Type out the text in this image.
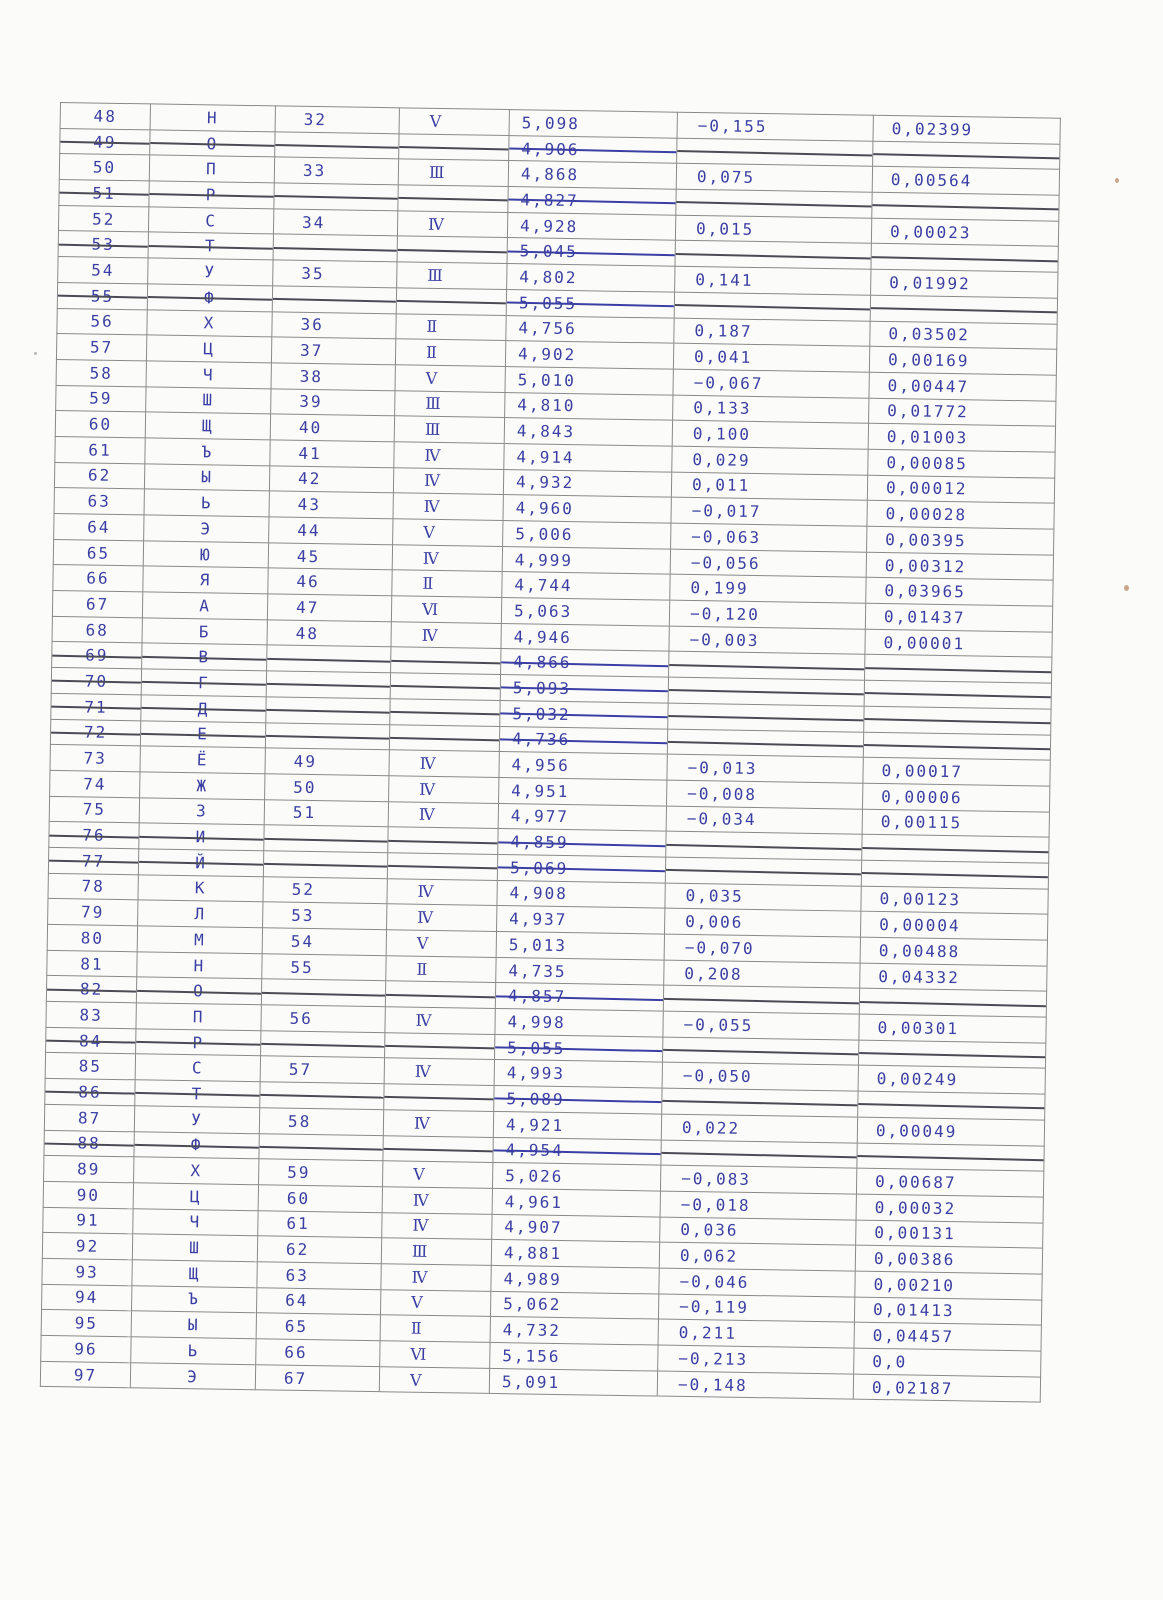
48	Н	32	Ⅴ	5,098	−0,155	0,02399
49	О			4,906		
50	П	33	Ⅲ	4,868	0,075	0,00564
51	Р			4,827		
52	С	34	Ⅳ	4,928	0,015	0,00023
53	Т			5,045		
54	У	35	Ⅲ	4,802	0,141	0,01992
55	Ф			5,055		
56	Х	36	Ⅱ	4,756	0,187	0,03502
57	Ц	37	Ⅱ	4,902	0,041	0,00169
58	Ч	38	Ⅴ	5,010	−0,067	0,00447
59	Ш	39	Ⅲ	4,810	0,133	0,01772
60	Щ	40	Ⅲ	4,843	0,100	0,01003
61	Ъ	41	Ⅳ	4,914	0,029	0,00085
62	Ы	42	Ⅳ	4,932	0,011	0,00012
63	Ь	43	Ⅳ	4,960	−0,017	0,00028
64	Э	44	Ⅴ	5,006	−0,063	0,00395
65	Ю	45	Ⅳ	4,999	−0,056	0,00312
66	Я	46	Ⅱ	4,744	0,199	0,03965
67	А	47	Ⅵ	5,063	−0,120	0,01437
68	Б	48	Ⅳ	4,946	−0,003	0,00001
69	В			4,866		
70	Г			5,093		
71	Д			5,032		
72	Е			4,736		
73	Ё	49	Ⅳ	4,956	−0,013	0,00017
74	Ж	50	Ⅳ	4,951	−0,008	0,00006
75	З	51	Ⅳ	4,977	−0,034	0,00115
76	И			4,859		
77	Й			5,069		
78	К	52	Ⅳ	4,908	0,035	0,00123
79	Л	53	Ⅳ	4,937	0,006	0,00004
80	М	54	Ⅴ	5,013	−0,070	0,00488
81	Н	55	Ⅱ	4,735	0,208	0,04332
82	О			4,857		
83	П	56	Ⅳ	4,998	−0,055	0,00301
84	Р			5,055		
85	С	57	Ⅳ	4,993	−0,050	0,00249
86	Т			5,089		
87	У	58	Ⅳ	4,921	0,022	0,00049
88	Ф			4,954		
89	Х	59	Ⅴ	5,026	−0,083	0,00687
90	Ц	60	Ⅳ	4,961	−0,018	0,00032
91	Ч	61	Ⅳ	4,907	0,036	0,00131
92	Ш	62	Ⅲ	4,881	0,062	0,00386
93	Щ	63	Ⅳ	4,989	−0,046	0,00210
94	Ъ	64	Ⅴ	5,062	−0,119	0,01413
95	Ы	65	Ⅱ	4,732	0,211	0,04457
96	Ь	66	Ⅵ	5,156	−0,213	0,0
97	Э	67	Ⅴ	5,091	−0,148	0,02187
